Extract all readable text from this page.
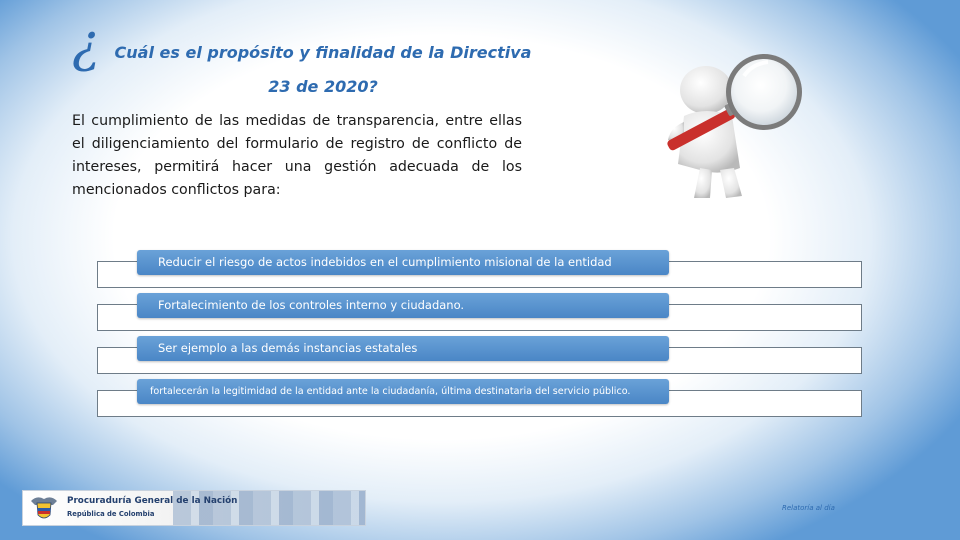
¿ Cuál es el propósito y finalidad de la Directiva 23 de 2020?

El cumplimiento de las medidas de transparencia, entre ellas el diligenciamiento del formulario de registro de conflicto de intereses, permitirá hacer una gestión adecuada de los mencionados conflictos para:

Reducir el riesgo de actos indebidos en el cumplimiento misional de la entidad
Fortalecimiento de los controles interno y ciudadano.
Ser ejemplo a las demás instancias estatales
fortalecerán la legitimidad de la entidad ante la ciudadanía, última destinataria del servicio público.
Procuraduría General de la Nación
República de Colombia
Relatoría al día
